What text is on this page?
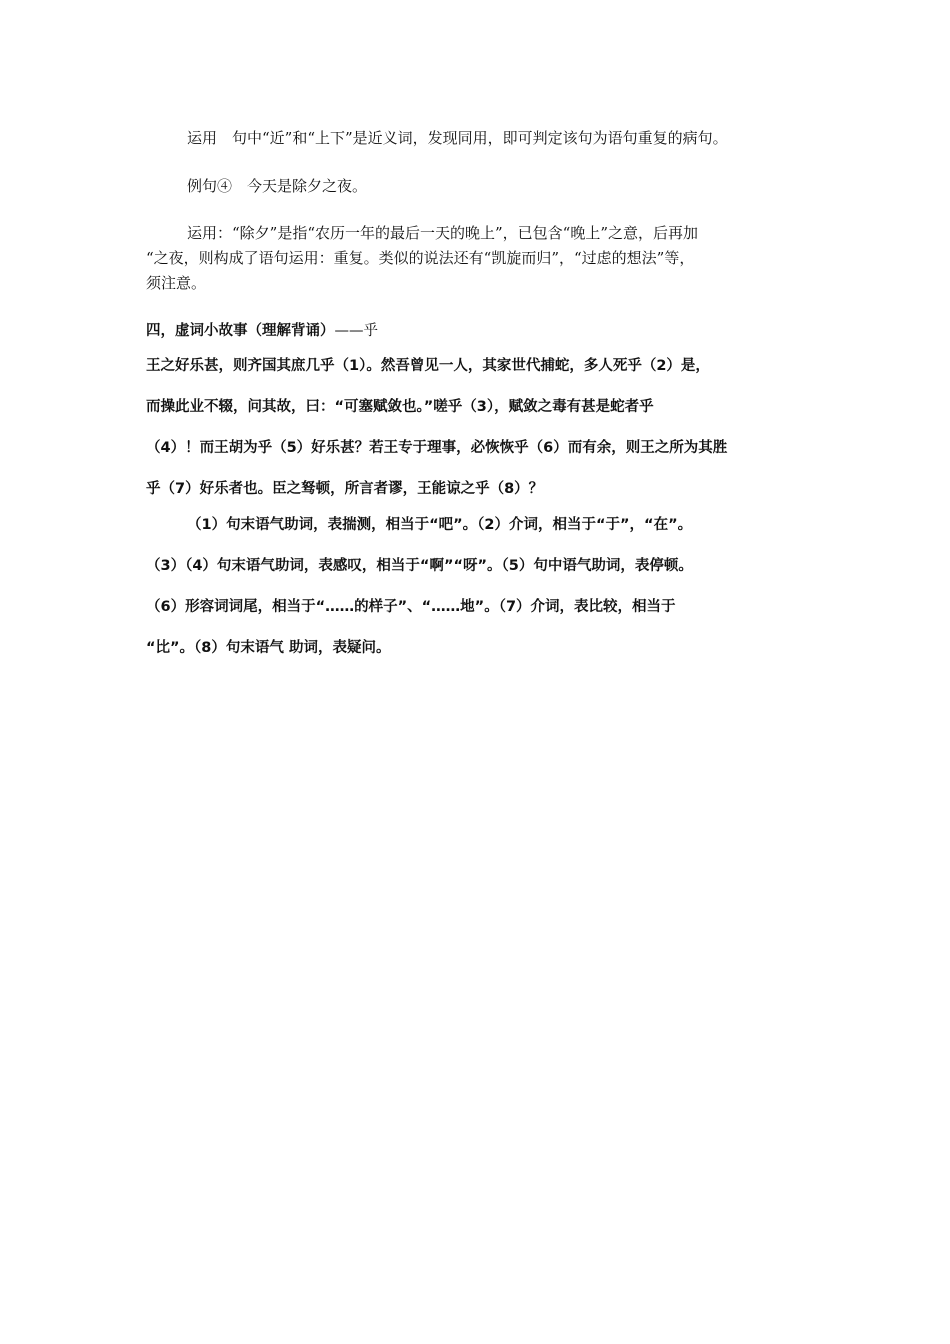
运用　句中“近”和“上下”是近义词，发现同用，即可判定该句为语句重复的病句。
例句④　今天是除夕之夜。
运用：“除夕”是指“农历一年的最后一天的晚上”，已包含“晚上”之意，后再加
“之夜，则构成了语句运用：重复。类似的说法还有“凯旋而归”，“过虑的想法”等，
须注意。
四，虚词小故事（理解背诵）——乎
王之好乐甚，则齐国其庶几乎（1）。然吾曾见一人，其家世代捕蛇，多人死乎（2）是，
而操此业不辍，问其故，曰：“可塞赋敛也。”嗟乎（3），赋敛之毒有甚是蛇者乎
（4）！而王胡为乎（5）好乐甚？若王专于理事，必恢恢乎（6）而有余，则王之所为其胜
乎（7）好乐者也。臣之驽顿，所言者谬，王能谅之乎（8）？
（1）句末语气助词，表揣测，相当于“吧”。（2）介词，相当于“于”，“在”。
（3）（4）句末语气助词，表感叹，相当于“啊”“呀”。（5）句中语气助词，表停顿。
（6）形容词词尾，相当于“……的样子”、“……地”。（7）介词，表比较，相当于
“比”。（8）句末语气 助词，表疑问。
